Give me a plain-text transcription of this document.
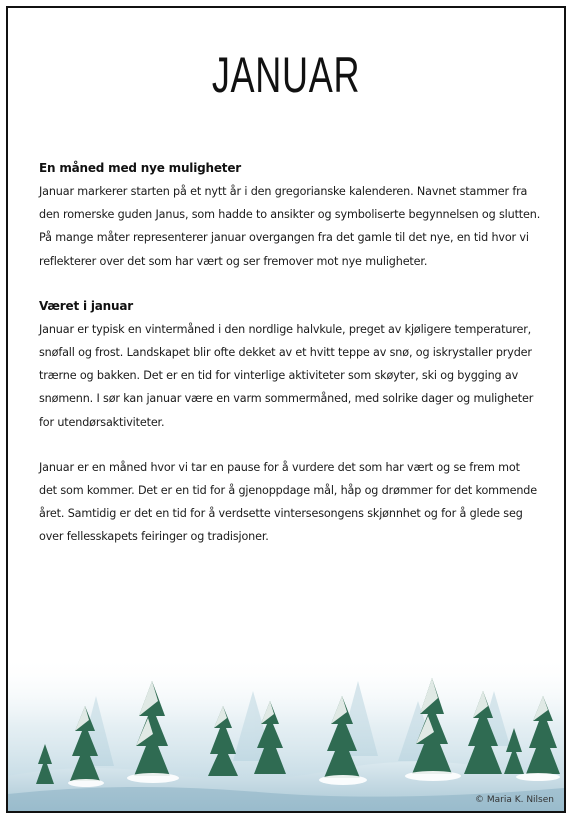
JANUAR
En måned med nye muligheter
Januar markerer starten på et nytt år i den gregorianske kalenderen. Navnet stammer fra den romerske guden Janus, som hadde to ansikter og symboliserte begynnelsen og slutten. På mange måter representerer januar overgangen fra det gamle til det nye, en tid hvor vi reflekterer over det som har vært og ser fremover mot nye muligheter.
Været i januar
Januar er typisk en vintermåned i den nordlige halvkule, preget av kjøligere temperaturer, snøfall og frost. Landskapet blir ofte dekket av et hvitt teppe av snø, og iskrystaller pryder trærne og bakken. Det er en tid for vinterlige aktiviteter som skøyter, ski og bygging av snømenn. I sør kan januar være en varm sommermåned, med solrike dager og muligheter for utendørsaktiviteter.
Januar er en måned hvor vi tar en pause for å vurdere det som har vært og se frem mot det som kommer. Det er en tid for å gjenoppdage mål, håp og drømmer for det kommende året. Samtidig er det en tid for å verdsette vintersesongens skjønnhet og for å glede seg over fellesskapets feiringer og tradisjoner.
© Maria K. Nilsen
